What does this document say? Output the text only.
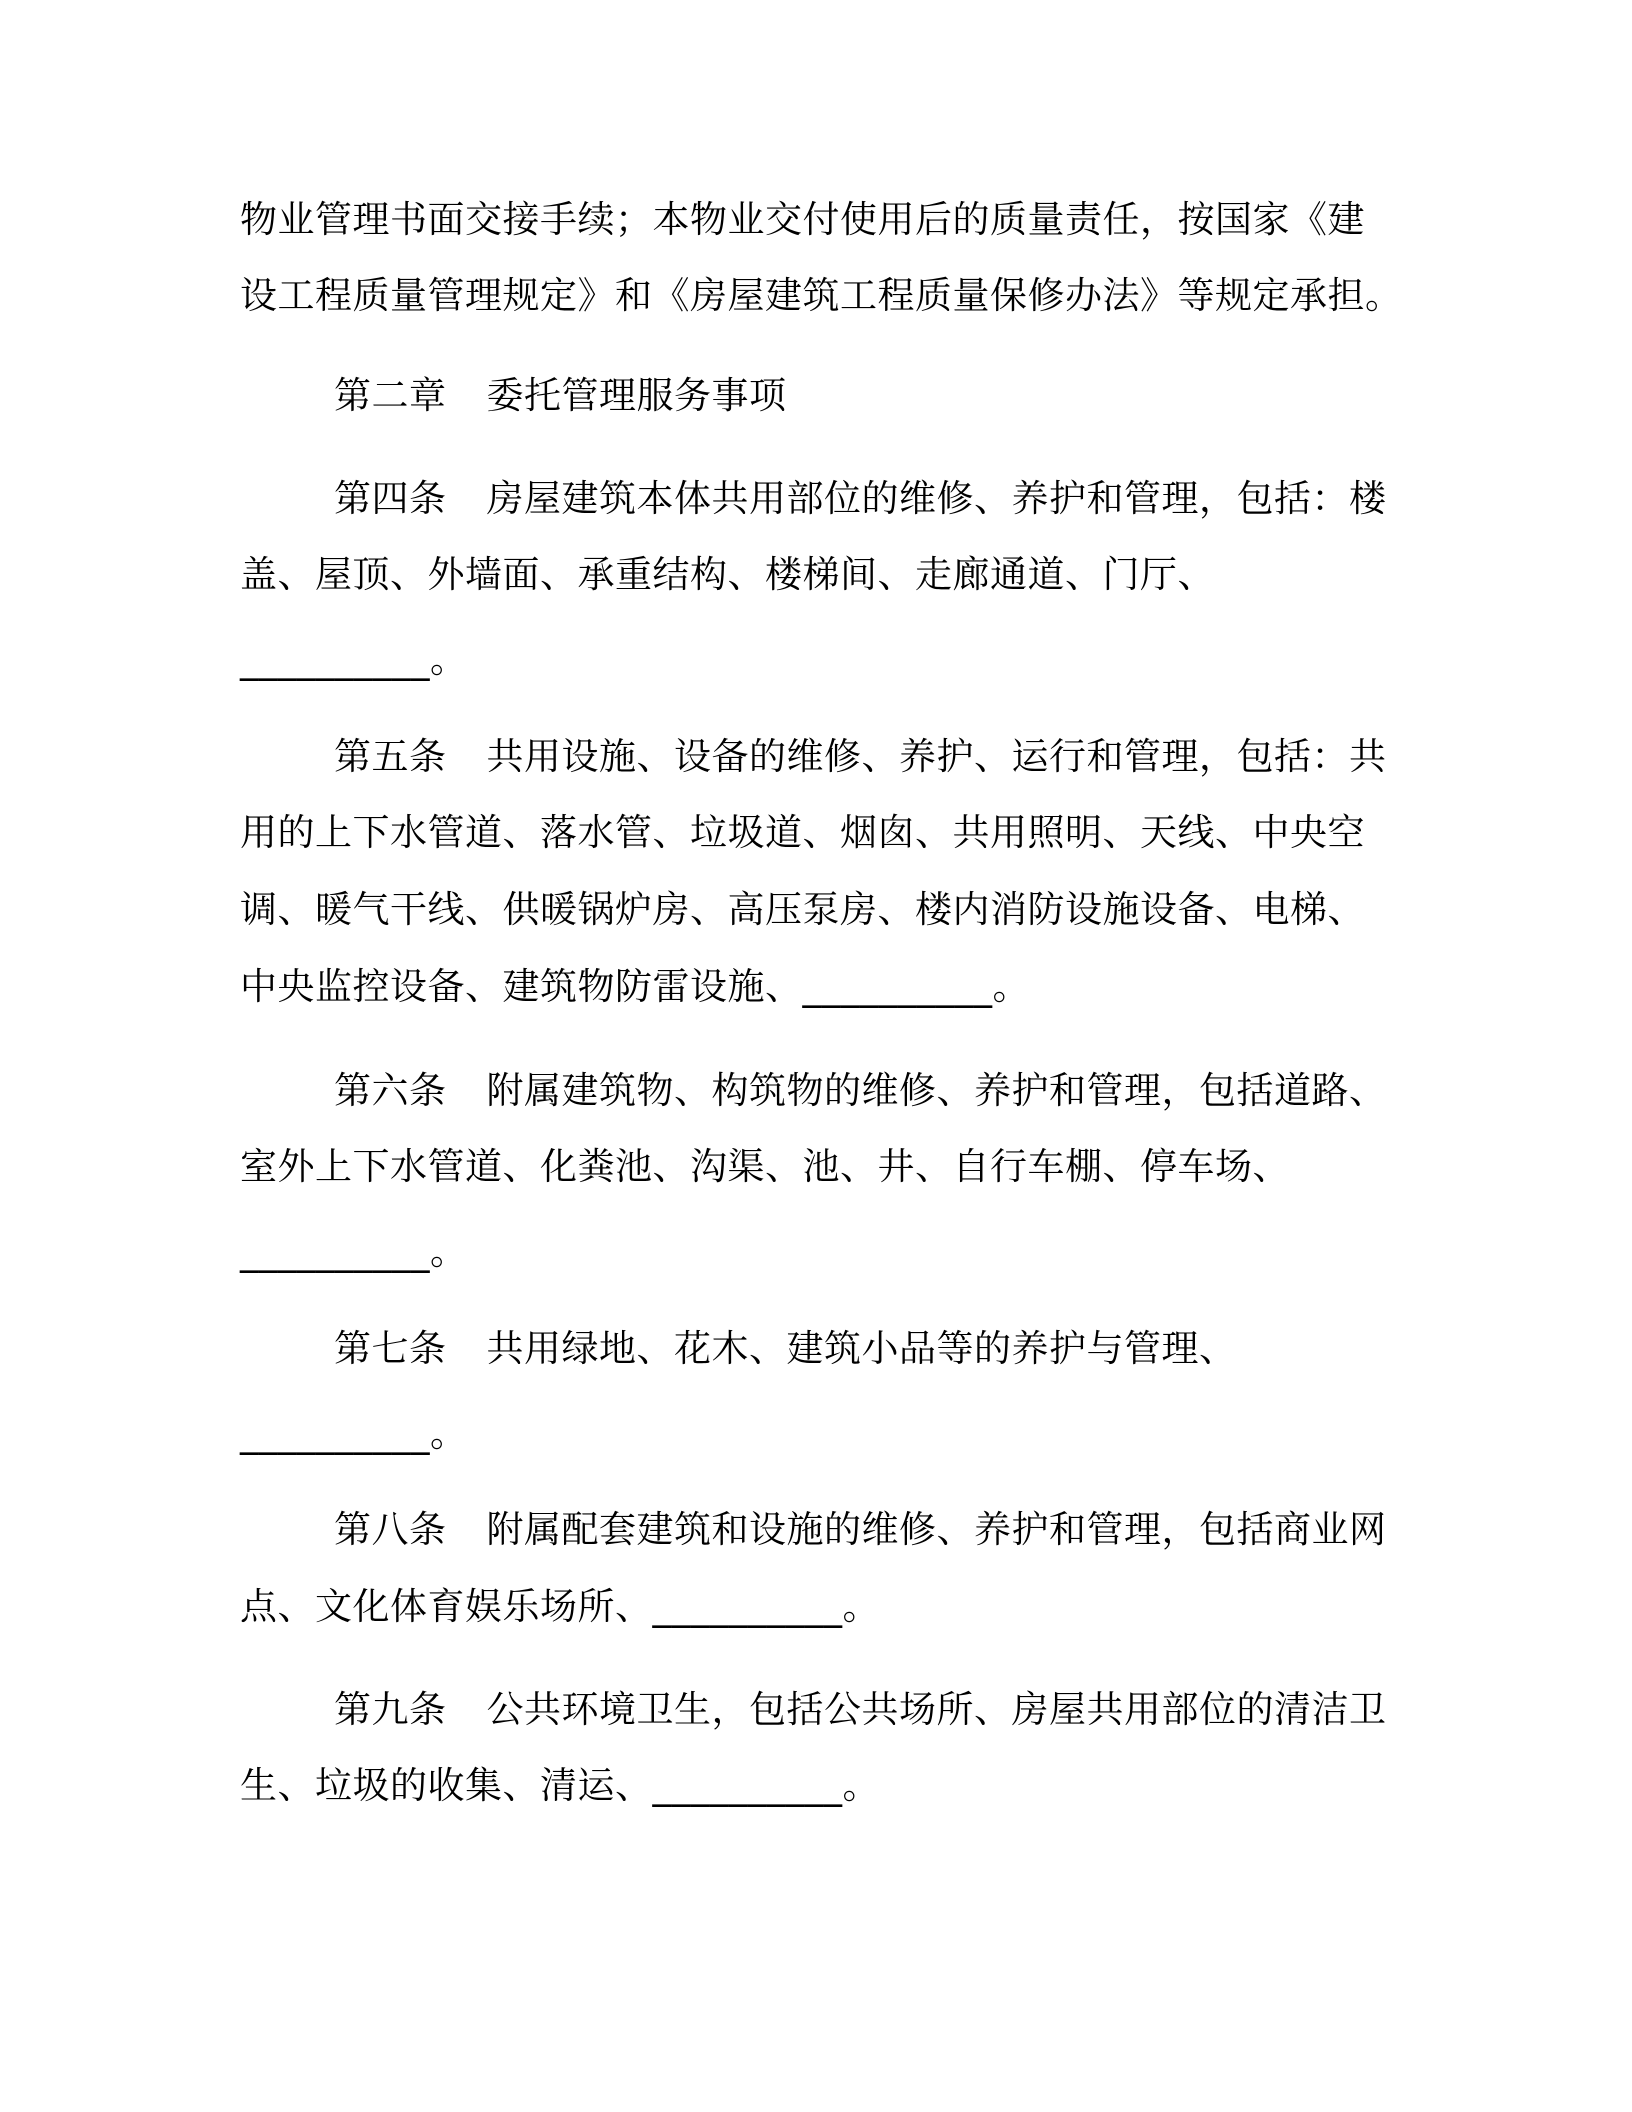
物业管理书面交接手续；本物业交付使用后的质量责任，按国家《建
设工程质量管理规定》和《房屋建筑工程质量保修办法》等规定承担。
第二章 委托管理服务事项
第四条 房屋建筑本体共用部位的维修、养护和管理，包括：楼
盖、屋顶、外墙面、承重结构、楼梯间、走廊通道、门厅、
__________。
第五条 共用设施、设备的维修、养护、运行和管理，包括：共
用的上下水管道、落水管、垃圾道、烟囱、共用照明、天线、中央空
调、暖气干线、供暖锅炉房、高压泵房、楼内消防设施设备、电梯、
中央监控设备、建筑物防雷设施、__________。
第六条 附属建筑物、构筑物的维修、养护和管理，包括道路、
室外上下水管道、化粪池、沟渠、池、井、自行车棚、停车场、
__________。
第七条 共用绿地、花木、建筑小品等的养护与管理、
__________。
第八条 附属配套建筑和设施的维修、养护和管理，包括商业网
点、文化体育娱乐场所、__________。
第九条 公共环境卫生，包括公共场所、房屋共用部位的清洁卫
生、垃圾的收集、清运、__________。
